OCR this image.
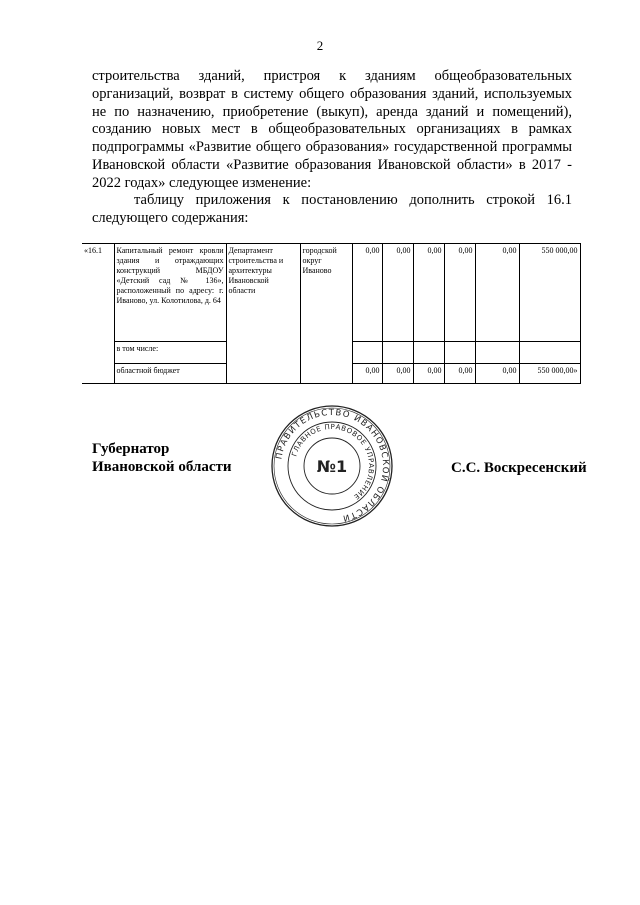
2

строительства зданий, пристроя к зданиям общеобразовательных организаций, возврат в систему общего образования зданий, используемых не по назначению, приобретение (выкуп), аренда зданий и помещений), созданию новых мест в общеобразовательных организациях в рамках подпрограммы «Развитие общего образования» государственной программы Ивановской области «Развитие образования Ивановской области» в 2017 - 2022 годах» следующее изменение:

таблицу приложения к постановлению дополнить строкой 16.1 следующего содержания:

«16.1	Капитальный ремонт кровли здания и отраждающих конструкций МБДОУ «Детский сад № 136», расположенный по адресу: г. Иваново, ул. Колотилова, д. 64	Департамент строительства и архитектуры Ивановской области	городской округ Иваново	0,00	0,00	0,00	0,00	0,00	550 000,00
	в том числе:								
	областной бюджет			0,00	0,00	0,00	0,00	0,00	550 000,00»
Губернатор
Ивановской области	С.С. Воскресенский
ПРАВИТЕЛЬСТВО ИВАНОВСКОЙ ОБЛАСТИ
ГЛАВНОЕ ПРАВОВОЕ УПРАВЛЕНИЕ
№1
